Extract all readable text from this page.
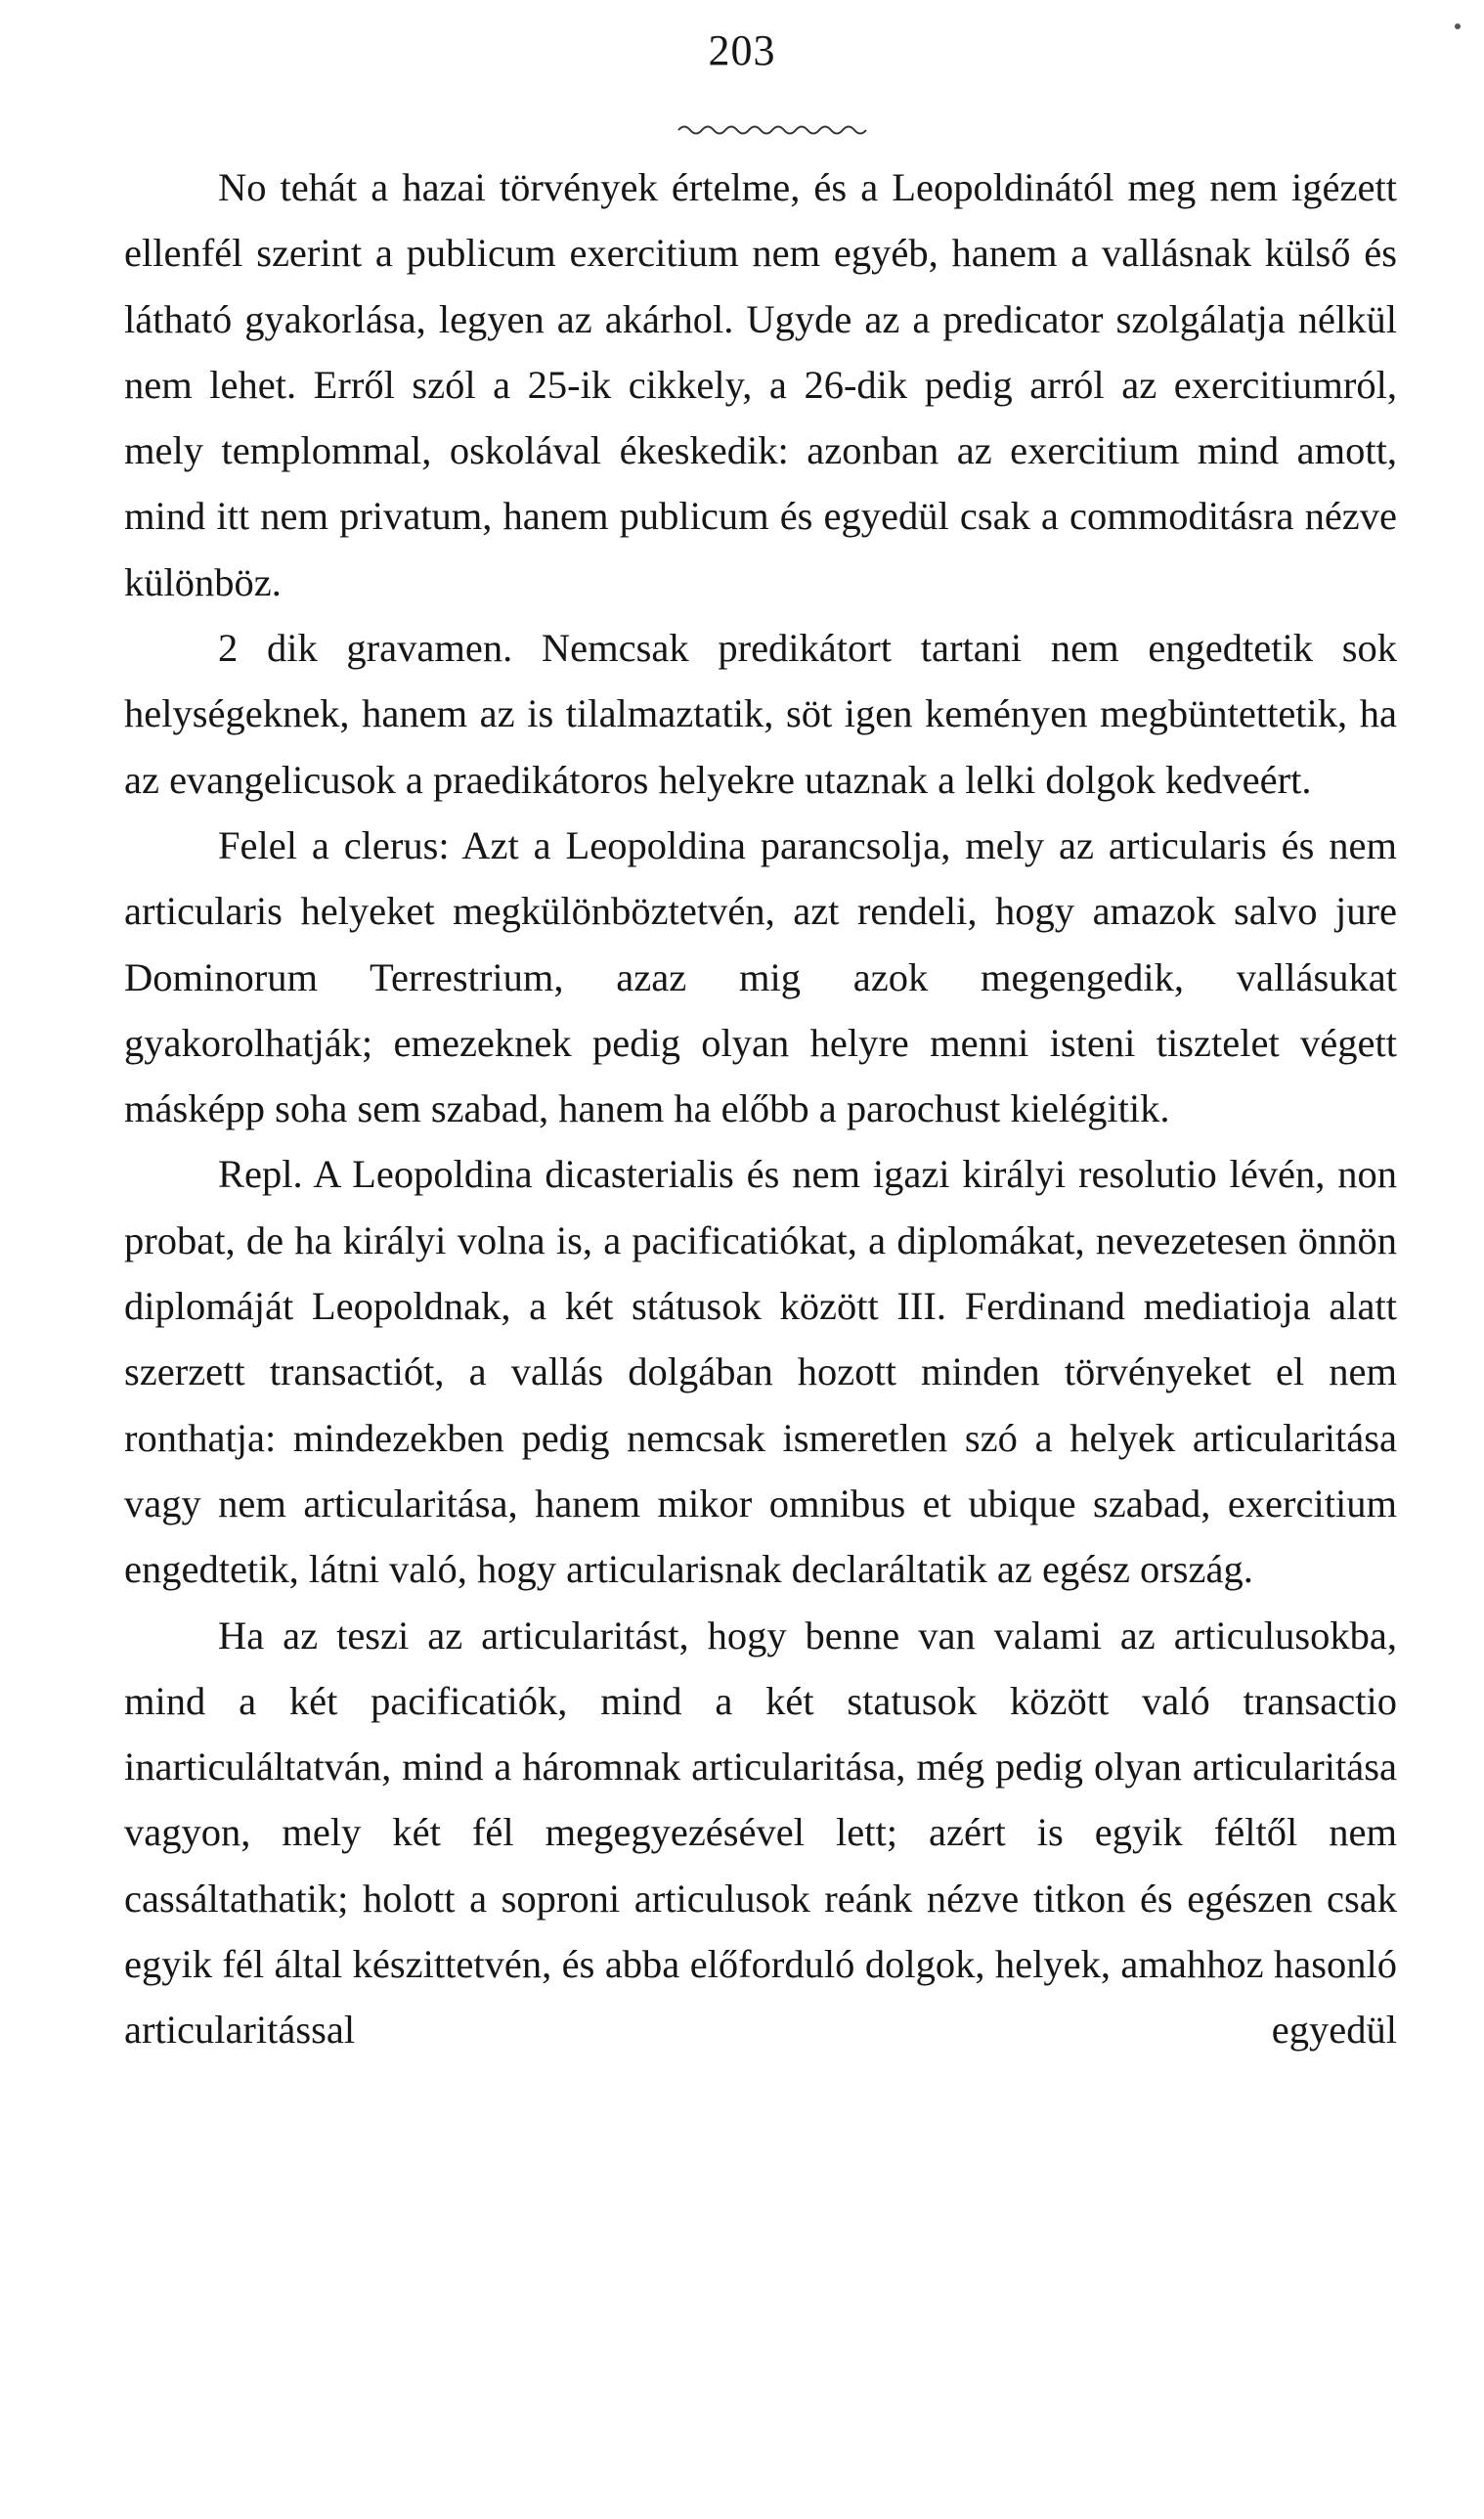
203

No tehát a hazai törvények értelme, és a Leopoldinától meg nem igézett ellenfél szerint a publicum exercitium nem egyéb, hanem a vallásnak külső és látható gyakorlása, legyen az akárhol. Ugyde az a predicator szolgálatja nélkül nem lehet. Erről szól a 25-ik cikkely, a 26-dik pedig arról az exercitiumról, mely templommal, oskolával ékeskedik: azonban az exercitium mind amott, mind itt nem privatum, hanem publicum és egyedül csak a commoditásra nézve különböz.

2 dik gravamen. Nemcsak predikátort tartani nem engedtetik sok helységeknek, hanem az is tilalmaztatik, söt igen keményen megbüntettetik, ha az evangelicusok a praedikátoros helyekre utaznak a lelki dolgok kedveért.

Felel a clerus: Azt a Leopoldina parancsolja, mely az articularis és nem articularis helyeket megkülönböztetvén, azt rendeli, hogy amazok salvo jure Dominorum Terrestrium, azaz mig azok megengedik, vallásukat gyakorolhatják; emezeknek pedig olyan helyre menni isteni tisztelet végett másképp soha sem szabad, hanem ha előbb a parochust kielégitik.

Repl. A Leopoldina dicasterialis és nem igazi királyi resolutio lévén, non probat, de ha királyi volna is, a pacificatiókat, a diplomákat, nevezetesen önnön diplomáját Leopoldnak, a két státusok között III. Ferdinand mediatioja alatt szerzett transactiót, a vallás dolgában hozott minden törvényeket el nem ronthatja: mindezekben pedig nemcsak ismeretlen szó a helyek articularitása vagy nem articularitása, hanem mikor omnibus et ubique szabad, exercitium engedtetik, látni való, hogy articularisnak declaráltatik az egész ország.

Ha az teszi az articularitást, hogy benne van valami az articulusokba, mind a két pacificatiók, mind a két statusok között való transactio inarticuláltatván, mind a háromnak articularitása, még pedig olyan articularitása vagyon, mely két fél megegyezésével lett; azért is egyik féltől nem cassáltathatik; holott a soproni articulusok reánk nézve titkon és egészen csak egyik fél által készittetvén, és abba előforduló dolgok, helyek, amahhoz hasonló articularitással egyedül
